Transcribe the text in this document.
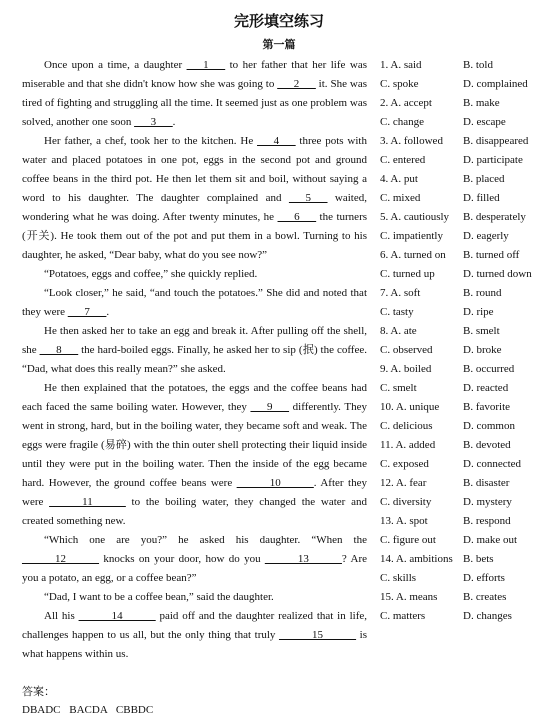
完形填空练习
第一篇

Once upon a time, a daughter ___1___ to her father that her life was miserable and that she didn't know how she was going to ___2___ it. She was tired of fighting and struggling all the time. It seemed just as one problem was solved, another one soon ___3___.

Her father, a chef, took her to the kitchen. He ___4___ three pots with water and placed potatoes in one pot, eggs in the second pot and ground coffee beans in the third pot. He then let them sit and boil, without saying a word to his daughter. The daughter complained and ___5___ waited, wondering what he was doing. After twenty minutes, he ___6___ the turners (开关). He took them out of the pot and put them in a bowl. Turning to his daughter, he asked, “Dear baby, what do you see now?”

“Potatoes, eggs and coffee,” she quickly replied.

“Look closer,” he said, “and touch the potatoes.” She did and noted that they were ___7___.

He then asked her to take an egg and break it. After pulling off the shell, she ___8___ the hard-boiled eggs. Finally, he asked her to sip (抿) the coffee. “Dad, what does this really mean?” she asked.

He then explained that the potatoes, the eggs and the coffee beans had each faced the same boiling water. However, they ___9___ differently. They went in strong, hard, but in the boiling water, they became soft and weak. The eggs were fragile (易碎) with the thin outer shell protecting their liquid inside until they were put in the boiling water. Then the inside of the egg became hard. However, the ground coffee beans were ______10______. After they were ______11______ to the boiling water, they changed the water and created something new.

“Which one are you?” he asked his daughter. “When the ______12______ knocks on your door, how do you ______13______? Are you a potato, an egg, or a coffee bean?”

“Dad, I want to be a coffee bean,” said the daughter.

All his ______14______ paid off and the daughter realized that in life, challenges happen to us all, but the only thing that truly ______15______ is what happens within us.

1. A. said	B. told
C. spoke	D. complained
2. A. accept	B. make
C. change	D. escape
3. A. followed	B. disappeared
C. entered	D. participate
4. A. put	B. placed
C. mixed	D. filled
5. A. cautiously	B. desperately
C. impatiently	D. eagerly
6. A. turned on	B. turned off
C. turned up	D. turned down
7. A. soft	B. round
C. tasty	D. ripe
8. A. ate	B. smelt
C. observed	D. broke
9. A. boiled	B. occurred
C. smelt	D. reacted
10. A. unique	B. favorite
C. delicious	D. common
11. A. added	B. devoted
C. exposed	D. connected
12. A. fear	B. disaster
C. diversity	D. mystery
13. A. spot	B. respond
C. figure out	D. make out
14. A. ambitions B. bets
C. skills	D. efforts
15. A. means	B. creates
C. matters	D. changes
答案：
DBADC BACDA CBBDC
